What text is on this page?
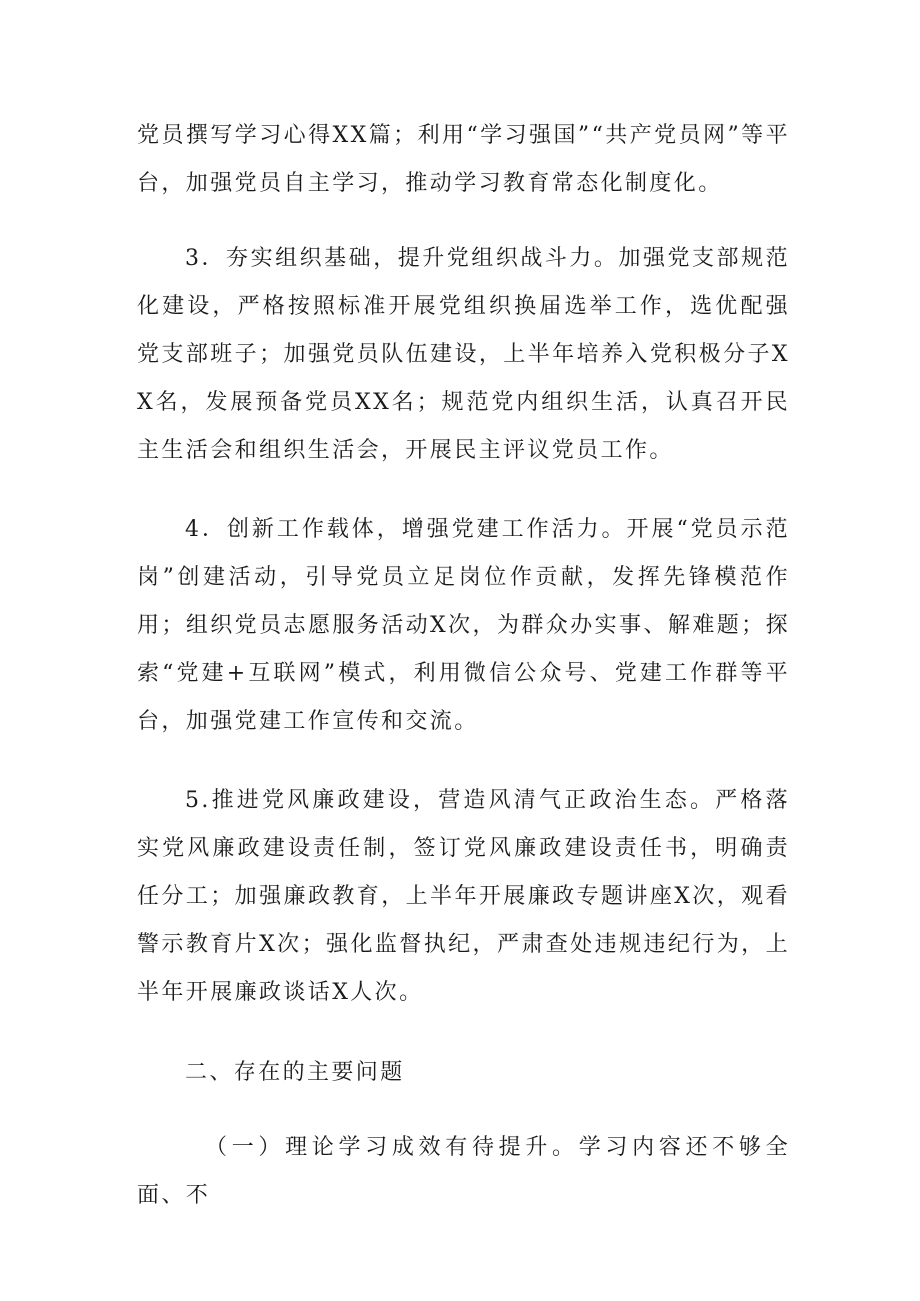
党员撰写学习心得XX篇；利用“学习强国”“共产党员网”等平台，加强党员自主学习，推动学习教育常态化制度化。

3．夯实组织基础，提升党组织战斗力。加强党支部规范化建设，严格按照标准开展党组织换届选举工作，选优配强党支部班子；加强党员队伍建设，上半年培养入党积极分子XX名，发展预备党员XX名；规范党内组织生活，认真召开民主生活会和组织生活会，开展民主评议党员工作。

4．创新工作载体，增强党建工作活力。开展“党员示范岗”创建活动，引导党员立足岗位作贡献，发挥先锋模范作用；组织党员志愿服务活动X次，为群众办实事、解难题；探索“党建+互联网”模式，利用微信公众号、党建工作群等平台，加强党建工作宣传和交流。

5.推进党风廉政建设，营造风清气正政治生态。严格落实党风廉政建设责任制，签订党风廉政建设责任书，明确责任分工；加强廉政教育，上半年开展廉政专题讲座X次，观看警示教育片X次；强化监督执纪，严肃查处违规违纪行为，上半年开展廉政谈话X人次。

二、存在的主要问题

（一）理论学习成效有待提升。学习内容还不够全面、不
